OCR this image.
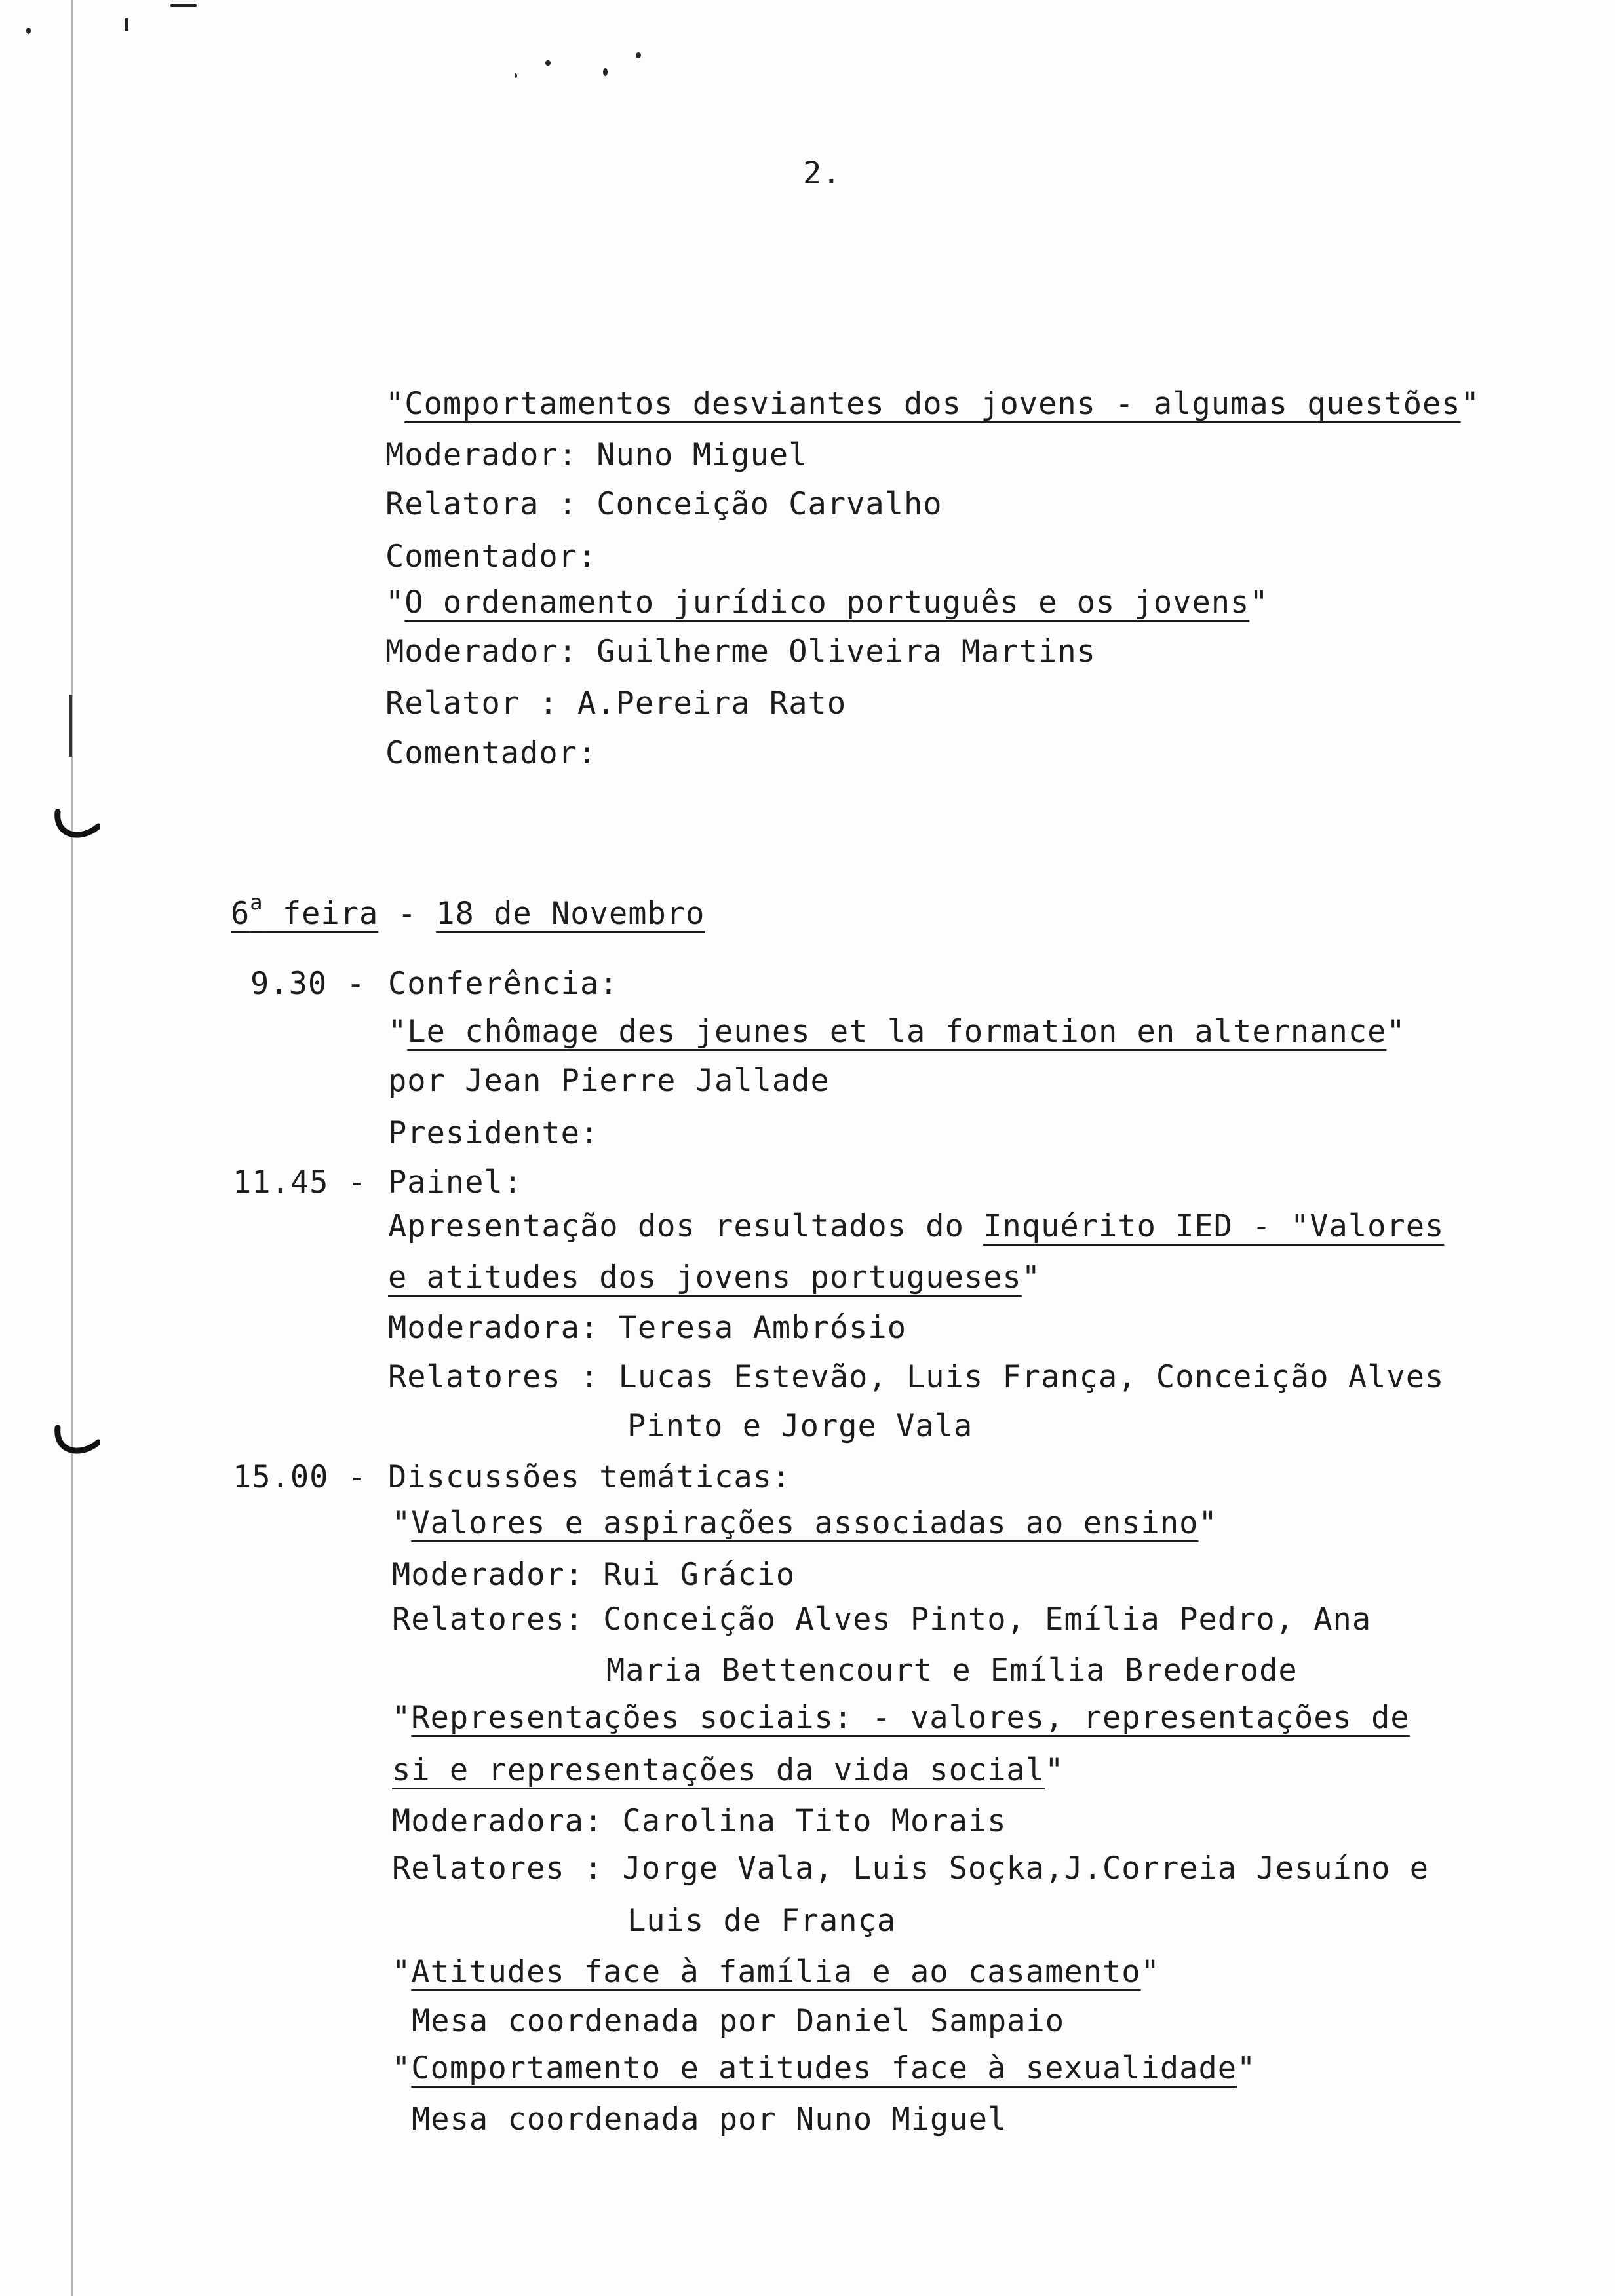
2.
"Comportamentos desviantes dos jovens - algumas questões"
Moderador: Nuno Miguel
Relatora : Conceição Carvalho
Comentador:
"O ordenamento jurídico português e os jovens"
Moderador: Guilherme Oliveira Martins
Relator : A.Pereira Rato
Comentador:
6$^a$ feira - 18 de Novembro
9.30 - Conferência:
"Le chômage des jeunes et la formation en alternance"
por Jean Pierre Jallade
Presidente:
11.45 - Painel:
Apresentação dos resultados do Inquérito IED - "Valores
e atitudes dos jovens portugueses"
Moderadora: Teresa Ambrósio
Relatores : Lucas Estevão, Luis França, Conceição Alves
Pinto e Jorge Vala
15.00 - Discussões temáticas:
"Valores e aspirações associadas ao ensino"
Moderador: Rui Grácio
Relatores: Conceição Alves Pinto, Emília Pedro, Ana
Maria Bettencourt e Emília Brederode
"Representações sociais: - valores, representações de
si e representações da vida social"
Moderadora: Carolina Tito Morais
Relatores : Jorge Vala, Luis Soçka,J.Correia Jesuíno e
Luis de França
"Atitudes face à família e ao casamento"
Mesa coordenada por Daniel Sampaio
"Comportamento e atitudes face à sexualidade"
Mesa coordenada por Nuno Miguel
